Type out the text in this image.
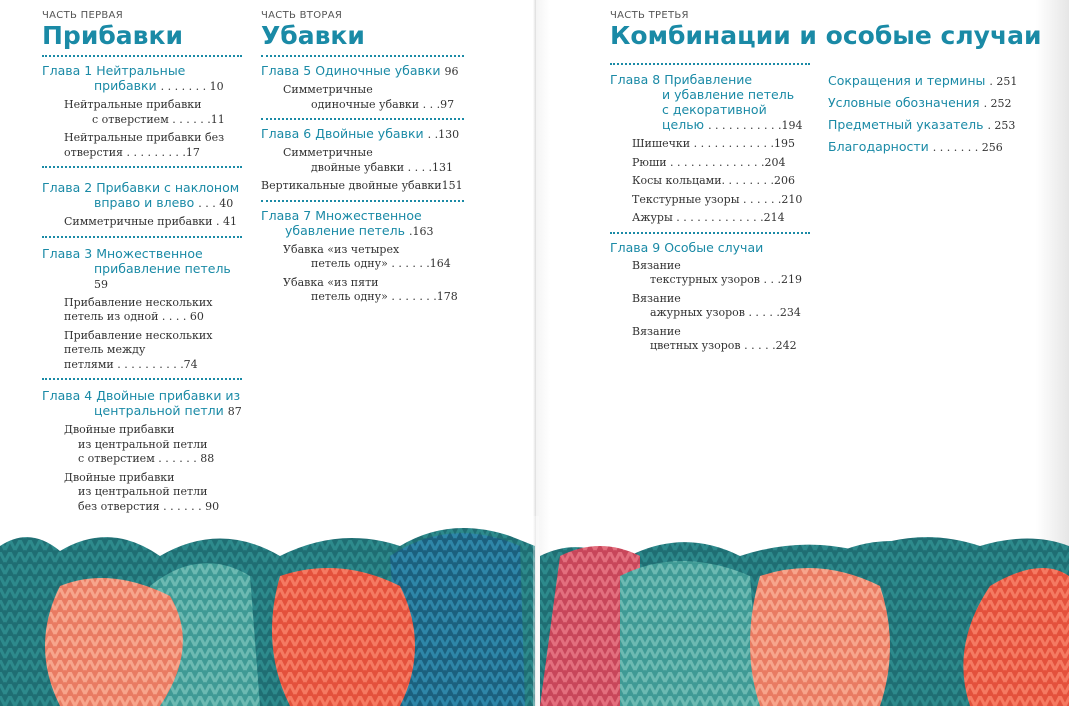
ЧАСТЬ ПЕРВАЯ
Прибавки
Глава 1 Нейтральные
прибавки . . . . . . . 10
Нейтральные прибавки
с отверстием . . . . . .11
Нейтральные прибавки без
отверстия . . . . . . . . .17
Глава 2 Прибавки с наклоном
вправо и влево . . . 40
Симметричные прибавки . 41
Глава 3 Множественное
прибавление петель 59
Прибавление нескольких
петель из одной . . . . 60
Прибавление нескольких
петель между
петлями . . . . . . . . . .74
Глава 4 Двойные прибавки из
центральной петли 87
Двойные прибавки
из центральной петли
с отверстием . . . . . . 88
Двойные прибавки
из центральной петли
без отверстия . . . . . . 90
ЧАСТЬ ВТОРАЯ
Убавки
Глава 5 Одиночные убавки 96
Симметричные
одиночные убавки . . .97
Глава 6 Двойные убавки . .130
Симметричные
двойные убавки . . . .131
Вертикальные двойные убавки151
Глава 7 Множественное
убавление петель .163
Убавка «из четырех
петель одну» . . . . . .164
Убавка «из пяти
петель одну» . . . . . . .178
ЧАСТЬ ТРЕТЬЯ
Комбинации и особые случаи
Глава 8 Прибавление
и убавление петель
с декоративной
целью . . . . . . . . . . .194
Шишечки . . . . . . . . . . . .195
Рюши . . . . . . . . . . . . . .204
Косы кольцами. . . . . . . .206
Текстурные узоры . . . . . .210
Ажуры . . . . . . . . . . . . .214
Глава 9 Особые случаи
Вязание
текстурных узоров . . .219
Вязание
ажурных узоров . . . . .234
Вязание
цветных узоров . . . . .242
Сокращения и термины . 251
Условные обозначения . 252
Предметный указатель . 253
Благодарности . . . . . . . 256
